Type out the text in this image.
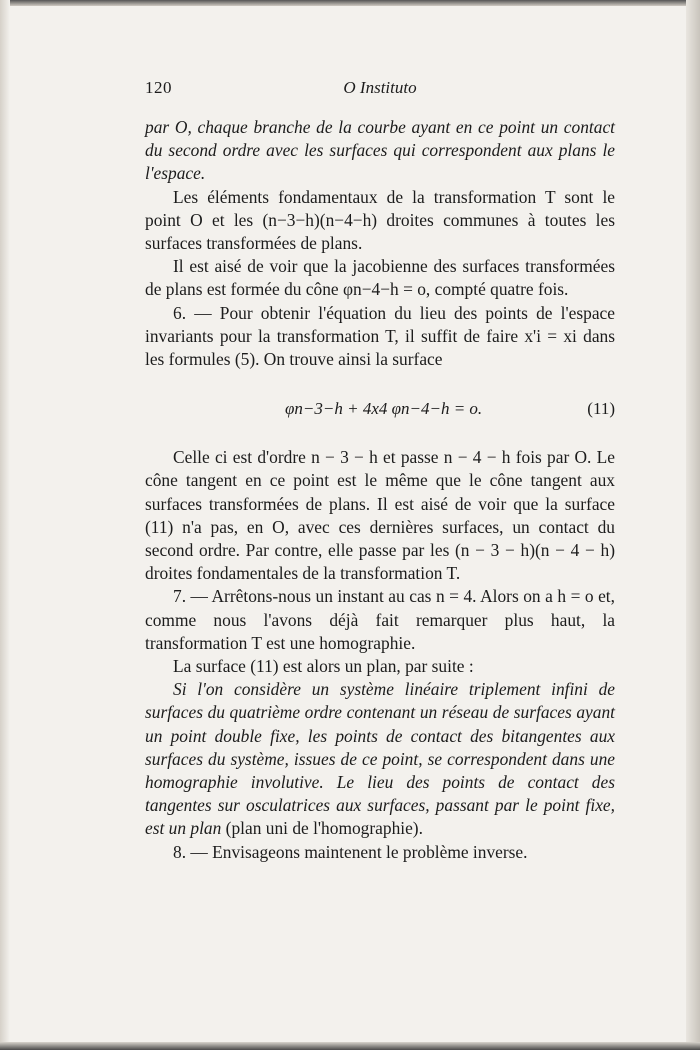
120	O Instituto

par O, chaque branche de la courbe ayant en ce point un contact du second ordre avec les surfaces qui correspondent aux plans le l'espace.

Les éléments fondamentaux de la transformation T sont le point O et les (n−3−h)(n−4−h) droites communes à toutes les surfaces transformées de plans.

Il est aisé de voir que la jacobienne des surfaces transformées de plans est formée du cône φn−4−h = o, compté quatre fois.

6. — Pour obtenir l'équation du lieu des points de l'espace invariants pour la transformation T, il suffit de faire x'i = xi dans les formules (5). On trouve ainsi la surface

φn−3−h + 4x4 φn−4−h = o.	(11)

Celle ci est d'ordre n − 3 − h et passe n − 4 − h fois par O. Le cône tangent en ce point est le même que le cône tangent aux surfaces transformées de plans. Il est aisé de voir que la surface (11) n'a pas, en O, avec ces dernières surfaces, un contact du second ordre. Par contre, elle passe par les (n − 3 − h)(n − 4 − h) droites fondamentales de la transformation T.

7. — Arrêtons-nous un instant au cas n = 4. Alors on a h = o et, comme nous l'avons déjà fait remarquer plus haut, la transformation T est une homographie.

La surface (11) est alors un plan, par suite :

Si l'on considère un système linéaire triplement infini de surfaces du quatrième ordre contenant un réseau de surfaces ayant un point double fixe, les points de contact des bitangentes aux surfaces du système, issues de ce point, se correspondent dans une homographie involutive. Le lieu des points de contact des tangentes sur osculatrices aux surfaces, passant par le point fixe, est un plan (plan uni de l'homographie).

8. — Envisageons maintenent le problème inverse.
